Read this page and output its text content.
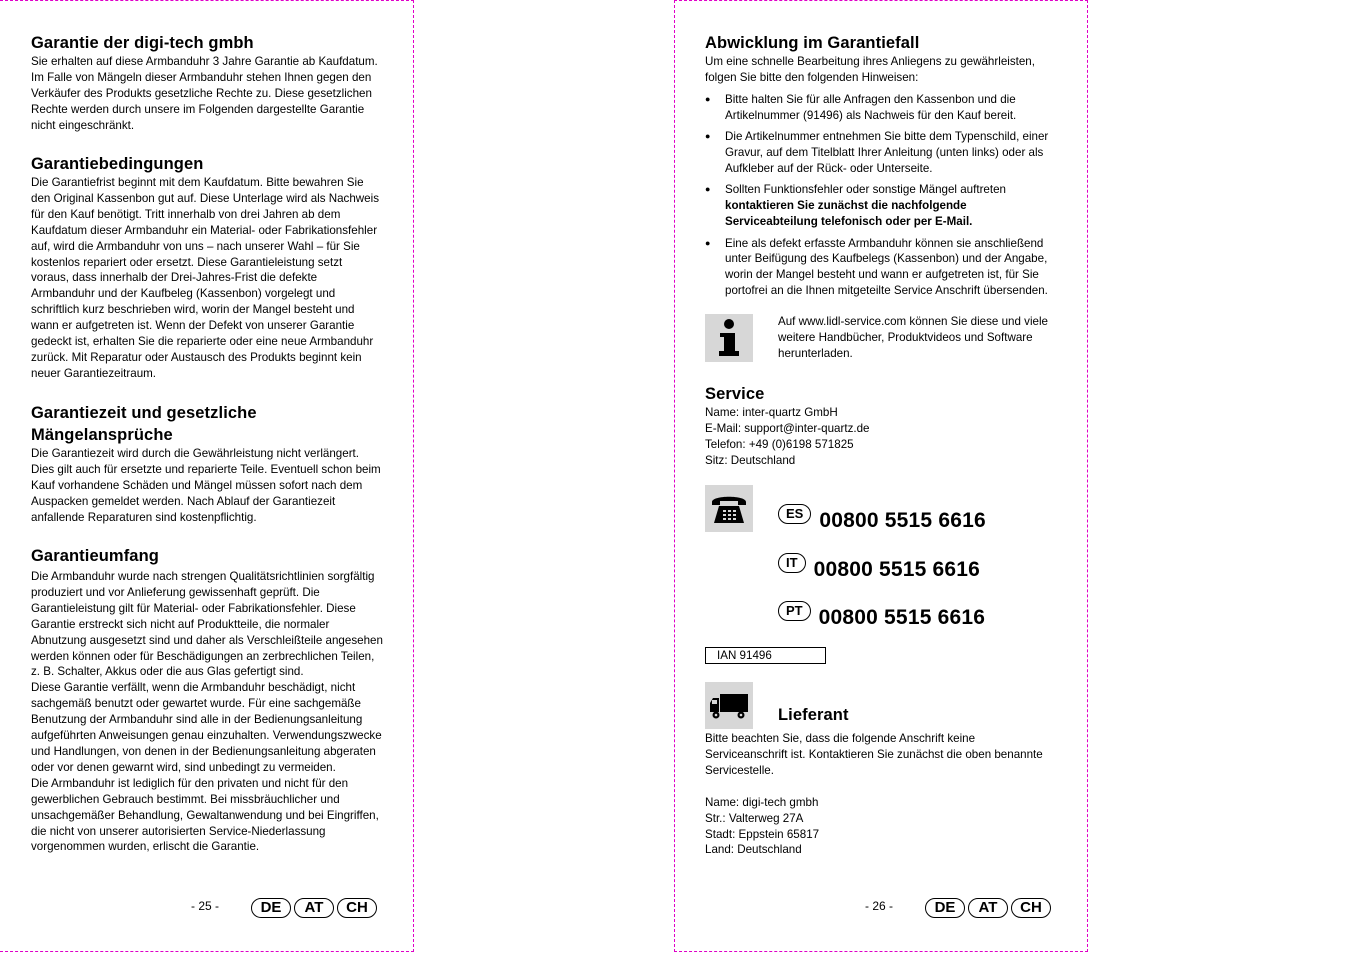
Garantie der digi-tech gmbh

Sie erhalten auf diese Armbanduhr 3 Jahre Garantie ab Kaufdatum. Im Falle von Mängeln dieser Armbanduhr stehen Ihnen gegen den Verkäufer des Produkts gesetzliche Rechte zu. Diese gesetzlichen Rechte werden durch unsere im Folgenden dargestellte Garantie nicht eingeschränkt.

Garantiebedingungen

Die Garantiefrist beginnt mit dem Kaufdatum. Bitte bewahren Sie den Original Kassenbon gut auf. Diese Unterlage wird als Nachweis für den Kauf benötigt. Tritt innerhalb von drei Jahren ab dem Kaufdatum dieser Armbanduhr ein Material- oder Fabrikationsfehler auf, wird die Armbanduhr von uns – nach unserer Wahl – für Sie kostenlos repariert oder ersetzt. Diese Garantieleistung setzt voraus, dass innerhalb der Drei-Jahres-Frist die defekte Armbanduhr und der Kaufbeleg (Kassenbon) vorgelegt und schriftlich kurz beschrieben wird, worin der Mangel besteht und wann er aufgetreten ist. Wenn der Defekt von unserer Garantie gedeckt ist, erhalten Sie die reparierte oder eine neue Armbanduhr zurück. Mit Reparatur oder Austausch des Produkts beginnt kein neuer Garantiezeitraum.

Garantiezeit und gesetzliche Mängelansprüche

Die Garantiezeit wird durch die Gewährleistung nicht verlängert. Dies gilt auch für ersetzte und reparierte Teile. Eventuell schon beim Kauf vorhandene Schäden und Mängel müssen sofort nach dem Auspacken gemeldet werden. Nach Ablauf der Garantiezeit anfallende Reparaturen sind kostenpflichtig.

Garantieumfang

Die Armbanduhr wurde nach strengen Qualitätsrichtlinien sorgfältig produziert und vor Anlieferung gewissenhaft geprüft. Die Garantieleistung gilt für Material- oder Fabrikationsfehler. Diese Garantie erstreckt sich nicht auf Produktteile, die normaler Abnutzung ausgesetzt sind und daher als Verschleißteile angesehen werden können oder für Beschädigungen an zerbrechlichen Teilen, z. B. Schalter, Akkus oder die aus Glas gefertigt sind.

Diese Garantie verfällt, wenn die Armbanduhr beschädigt, nicht sachgemäß benutzt oder gewartet wurde. Für eine sachgemäße Benutzung der Armbanduhr sind alle in der Bedienungsanleitung aufgeführten Anweisungen genau einzuhalten. Verwendungszwecke und Handlungen, von denen in der Bedienungsanleitung abgeraten oder vor denen gewarnt wird, sind unbedingt zu vermeiden.

Die Armbanduhr ist lediglich für den privaten und nicht für den gewerblichen Gebrauch bestimmt. Bei missbräuchlicher und unsachgemäßer Behandlung, Gewaltanwendung und bei Eingriffen, die nicht von unserer autorisierten Service-Niederlassung vorgenommen wurden, erlischt die Garantie.

- 25 -	DE AT CH
Abwicklung im Garantiefall

Um eine schnelle Bearbeitung ihres Anliegens zu gewährleisten, folgen Sie bitte den folgenden Hinweisen:

● Bitte halten Sie für alle Anfragen den Kassenbon und die Artikelnummer (91496) als Nachweis für den Kauf bereit.
● Die Artikelnummer entnehmen Sie bitte dem Typenschild, einer Gravur, auf dem Titelblatt Ihrer Anleitung (unten links) oder als Aufkleber auf der Rück- oder Unterseite.
● Sollten Funktionsfehler oder sonstige Mängel auftreten
kontaktieren Sie zunächst die nachfolgende Serviceabteilung telefonisch oder per E-Mail.
● Eine als defekt erfasste Armbanduhr können sie anschließend unter Beifügung des Kaufbelegs (Kassenbon) und der Angabe, worin der Mangel besteht und wann er aufgetreten ist, für Sie portofrei an die Ihnen mitgeteilte Service Anschrift übersenden.

Auf www.lidl-service.com können Sie diese und viele weitere Handbücher, Produktvideos und Software herunterladen.

Service

Name: inter-quartz GmbH

E-Mail: support@inter-quartz.de

Telefon: +49 (0)6198 571825

Sitz: Deutschland

ES 00800 5515 6616
IT 00800 5515 6616
PT 00800 5515 6616
IAN 91496
Lieferant

Bitte beachten Sie, dass die folgende Anschrift keine Serviceanschrift ist. Kontaktieren Sie zunächst die oben benannte Servicestelle.

Name: digi-tech gmbh

Str.: Valterweg 27A

Stadt: Eppstein 65817

Land: Deutschland

- 26 -	DE AT CH
